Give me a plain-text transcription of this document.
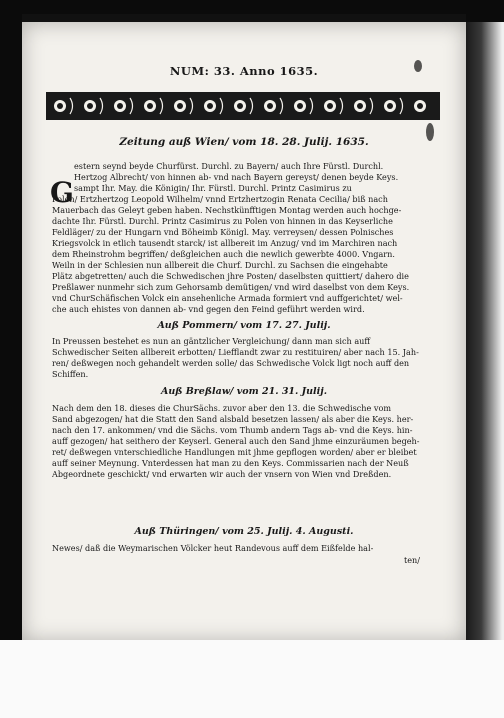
NUM: 33. Anno 1635.
Zeitung auß Wien/ vom 18. 28. Julij. 1635.
G
estern seynd beyde Churfürst. Durchl. zu Bayern/ auch Ihre Fürstl. Durchl.
Hertzog Albrecht/ von hinnen ab- vnd nach Bayern gereyst/ denen beyde Keys.
sampt Ihr. May. die Königin/ Ihr. Fürstl. Durchl. Printz Casimirus zu
Polen/ Ertzhertzog Leopold Wilhelm/ vnnd Ertzhertzogin Renata Cecilia/ biß nach
Mauerbach das Geleyt geben haben. Nechstkünfftigen Montag werden auch hochge-
dachte Ihr. Fürstl. Durchl. Printz Casimirus zu Polen von hinnen in das Keyserliche
Feldläger/ zu der Hungarn vnd Böheimb Königl. May. verreysen/ dessen Polnisches
Kriegsvolck in etlich tausendt starck/ ist allbereit im Anzug/ vnd im Marchiren nach
dem Rheinstrohm begriffen/ deßgleichen auch die newlich gewerbte 4000. Vngarn.
Weiln in der Schlesien nun allbereit die Churf. Durchl. zu Sachsen die eingehabte
Plätz abgetretten/ auch die Schwedischen jhre Posten/ daselbsten quittiert/ dahero die
Preßlawer nunmehr sich zum Gehorsamb demütigen/ vnd wird daselbst von dem Keys.
vnd ChurSchäfischen Volck ein ansehenliche Armada formiert vnd auffgerichtet/ wel-
che auch ehistes von dannen ab- vnd gegen den Feind geführt werden wird.
Auß Pommern/ vom 17. 27. Julij.
In Preussen bestehet es nun an gäntzlicher Vergleichung/ dann man sich auff
Schwedischer Seiten allbereit erbotten/ Liefflandt zwar zu restituiren/ aber nach 15. Jah-
ren/ deßwegen noch gehandelt werden solle/ das Schwedische Volck ligt noch auff den
Schiffen.
Auß Breßlaw/ vom 21. 31. Julij.
Nach dem den 18. dieses die ChurSächs. zuvor aber den 13. die Schwedische vom
Sand abgezogen/ hat die Statt den Sand alsbald besetzen lassen/ als aber die Keys. her-
nach den 17. ankommen/ vnd die Sächs. vom Thumb andern Tags ab- vnd die Keys. hin-
auff gezogen/ hat seithero der Keyserl. General auch den Sand jhme einzuräumen begeh-
ret/ deßwegen vnterschiedliche Handlungen mit jhme gepflogen worden/ aber er bleibet
auff seiner Meynung. Vnterdessen hat man zu den Keys. Commissarien nach der Neuß
Abgeordnete geschickt/ vnd erwarten wir auch der vnsern von Wien vnd Dreßden.
Auß Thüringen/ vom 25. Julij. 4. Augusti.
Newes/ daß die Weymarischen Völcker heut Randevous auff dem Eißfelde hal-
ten/
